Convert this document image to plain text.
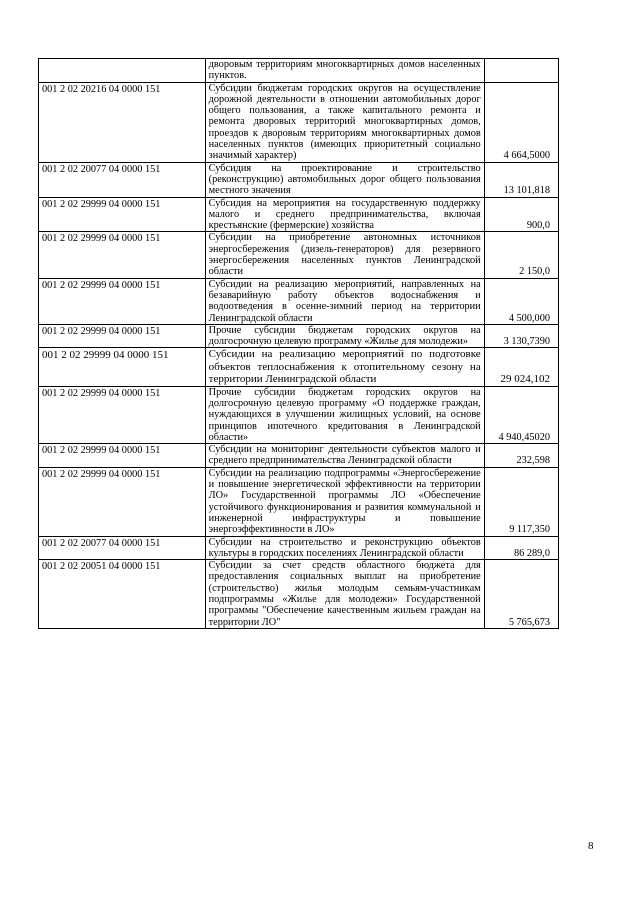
	дворовым территориям многоквартирных домов населенных пунктов.	
001 2 02 20216 04 0000 151	Субсидии бюджетам городских округов на осуществление дорожной деятельности в отношении автомобильных дорог общего пользования, а также капитального ремонта и ремонта дворовых территорий многоквартирных домов, проездов к дворовым территориям многоквартирных домов населенных пунктов (имеющих приоритетный социально значимый характер)	4 664,5000
001 2 02 20077 04 0000 151	Субсидия на проектирование и строительство (реконструкцию) автомобильных дорог общего пользования местного значения	13 101,818
001 2 02 29999 04 0000 151	Субсидия на мероприятия на государственную поддержку малого и среднего предпринимательства, включая крестьянские (фермерские) хозяйства	900,0
001 2 02 29999 04 0000 151	Субсидии на приобретение автономных источников энергосбережения (дизель-генераторов) для резервного энергосбережения населенных пунктов Ленинградской области	2 150,0
001 2 02 29999 04 0000 151	Субсидии на реализацию мероприятий, направленных на безаварийную работу объектов водоснабжения и водоотведения в осенне-зимний период на территории Ленинградской области	4 500,000
001 2 02 29999 04 0000 151	Прочие субсидии бюджетам городских округов на долгосрочную целевую программу «Жилье для молодежи»	3 130,7390
001 2 02 29999 04 0000 151	Субсидии на реализацию мероприятий по подготовке объектов теплоснабжения к отопительному сезону на территории Ленинградской области	29 024,102
001 2 02 29999 04 0000 151	Прочие субсидии бюджетам городских округов на долгосрочную целевую программу «О поддержке граждан, нуждающихся в улучшении жилищных условий, на основе принципов ипотечного кредитования в Ленинградской области»	4 940,45020
001 2 02 29999 04 0000 151	Субсидии на мониторинг деятельности субъектов малого и среднего предпринимательства Ленинградской области	232,598
001 2 02 29999 04 0000 151	Субсидии на реализацию подпрограммы «Энергосбережение и повышение энергетической эффективности на территории ЛО» Государственной программы ЛО «Обеспечение устойчивого функционирования и развития коммунальной и инженерной инфраструктуры и повышение энергоэффективности в ЛО»	9 117,350
001 2 02 20077 04 0000 151	Субсидии на строительство и реконструкцию объектов культуры в городских поселениях Ленинградской области	86 289,0
001 2 02 20051 04 0000 151	Субсидии за счет средств областного бюджета для предоставления социальных выплат на приобретение (строительство) жилья молодым семьям-участникам подпрограммы «Жилье для молодежи» Государственной программы "Обеспечение качественным жильем граждан на территории ЛО"	5 765,673
8
